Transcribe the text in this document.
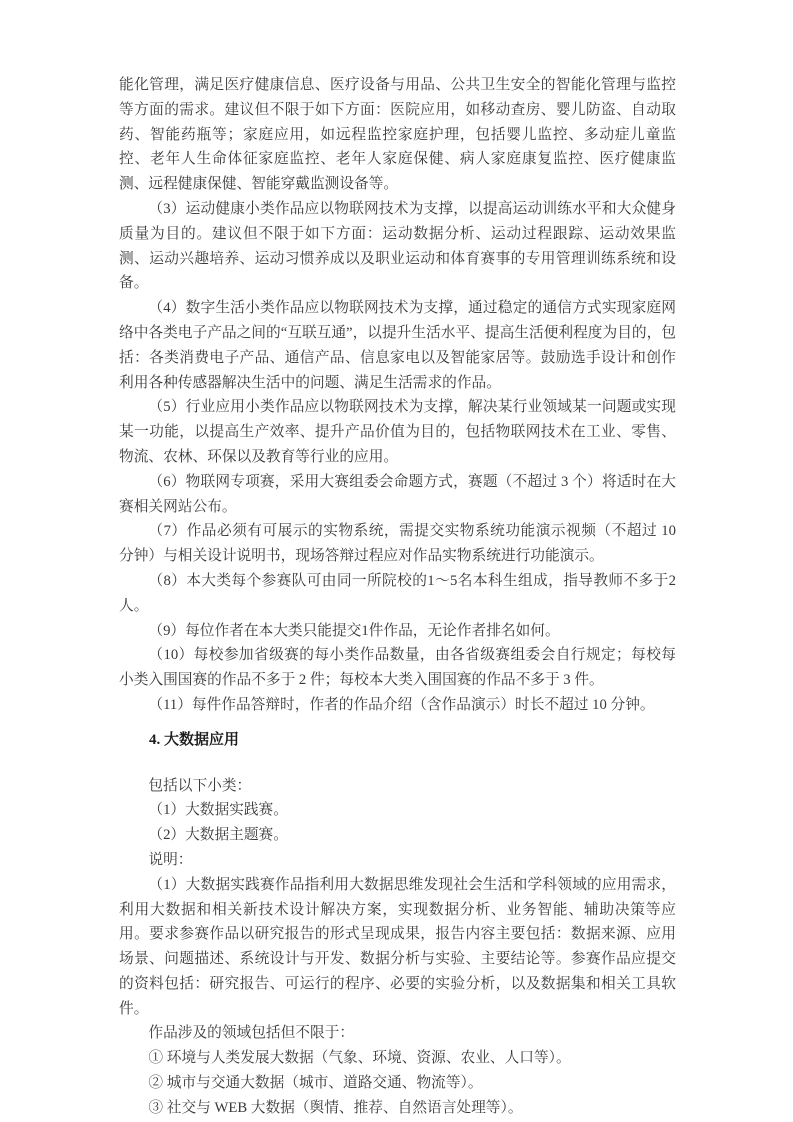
能化管理，满足医疗健康信息、医疗设备与用品、公共卫生安全的智能化管理与监控等方面的需求。建议但不限于如下方面：医院应用，如移动查房、婴儿防盗、自动取药、智能药瓶等；家庭应用，如远程监控家庭护理，包括婴儿监控、多动症儿童监控、老年人生命体征家庭监控、老年人家庭保健、病人家庭康复监控、医疗健康监测、远程健康保健、智能穿戴监测设备等。

（3）运动健康小类作品应以物联网技术为支撑，以提高运动训练水平和大众健身质量为目的。建议但不限于如下方面：运动数据分析、运动过程跟踪、运动效果监测、运动兴趣培养、运动习惯养成以及职业运动和体育赛事的专用管理训练系统和设备。

（4）数字生活小类作品应以物联网技术为支撑，通过稳定的通信方式实现家庭网络中各类电子产品之间的“互联互通”，以提升生活水平、提高生活便利程度为目的，包括：各类消费电子产品、通信产品、信息家电以及智能家居等。鼓励选手设计和创作利用各种传感器解决生活中的问题、满足生活需求的作品。

（5）行业应用小类作品应以物联网技术为支撑，解决某行业领域某一问题或实现某一功能，以提高生产效率、提升产品价值为目的，包括物联网技术在工业、零售、物流、农林、环保以及教育等行业的应用。

（6）物联网专项赛，采用大赛组委会命题方式，赛题（不超过 3 个）将适时在大赛相关网站公布。

（7）作品必须有可展示的实物系统，需提交实物系统功能演示视频（不超过 10 分钟）与相关设计说明书，现场答辩过程应对作品实物系统进行功能演示。

（8）本大类每个参赛队可由同一所院校的1～5名本科生组成，指导教师不多于2人。

（9）每位作者在本大类只能提交1件作品，无论作者排名如何。

（10）每校参加省级赛的每小类作品数量，由各省级赛组委会自行规定；每校每小类入围国赛的作品不多于 2 件；每校本大类入围国赛的作品不多于 3 件。

（11）每件作品答辩时，作者的作品介绍（含作品演示）时长不超过 10 分钟。

4. 大数据应用

包括以下小类：

（1）大数据实践赛。

（2）大数据主题赛。

说明：

（1）大数据实践赛作品指利用大数据思维发现社会生活和学科领域的应用需求， 利用大数据和相关新技术设计解决方案，实现数据分析、业务智能、辅助决策等应用。要求参赛作品以研究报告的形式呈现成果，报告内容主要包括：数据来源、应用场景、问题描述、系统设计与开发、数据分析与实验、主要结论等。参赛作品应提交的资料包括：研究报告、可运行的程序、必要的实验分析，以及数据集和相关工具软件。

作品涉及的领域包括但不限于：

① 环境与人类发展大数据（气象、环境、资源、农业、人口等）。

② 城市与交通大数据（城市、道路交通、物流等）。

③ 社交与 WEB 大数据（舆情、推荐、自然语言处理等）。
